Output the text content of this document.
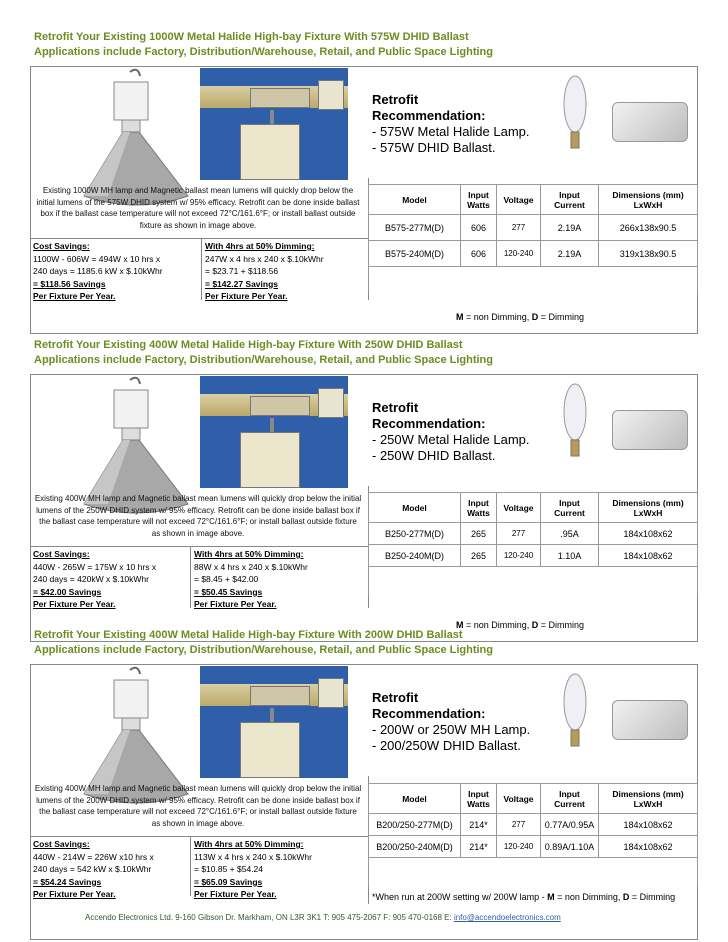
Retrofit Your Existing 1000W Metal Halide High-bay Fixture With 575W DHID Ballast
Applications include Factory, Distribution/Warehouse, Retail, and Public Space Lighting
Retrofit
Recommendation:
- 575W Metal Halide Lamp.
- 575W DHID Ballast.
Existing 1000W MH lamp and Magnetic ballast mean lumens will quickly drop below the initial lumens of the 575W DHID system w/ 95% efficacy. Retrofit can be done inside ballast box if the ballast case temperature will not exceed 72°C/161.6°F; or install ballast outside fixture as shown in image above.
Cost Savings:
1100W - 606W = 494W x 10 hrs x
240 days = 1185.6 kW x $.10kWhr
= $118.56 Savings
Per Fixture Per Year.
With 4hrs at 50% Dimming:
247W x 4 hrs x 240 x $.10kWhr
= $23.71 + $118.56
= $142.27 Savings
Per Fixture Per Year.
Model	Input Watts	Voltage	Input Current	Dimensions (mm) LxWxH
B575-277M(D)	606	277	2.19A	266x138x90.5
B575-240M(D)	606	120-240	2.19A	319x138x90.5

M = non Dimming, D = Dimming
Retrofit Your Existing 400W Metal Halide High-bay Fixture With 250W DHID Ballast
Applications include Factory, Distribution/Warehouse, Retail, and Public Space Lighting
Retrofit
Recommendation:
- 250W Metal Halide Lamp.
- 250W DHID Ballast.
Existing 400W MH lamp and Magnetic ballast mean lumens will quickly drop below the initial lumens of the 250W DHID system w/ 95% efficacy. Retrofit can be done inside ballast box if the ballast case temperature will not exceed 72°C/161.6°F; or install ballast outside fixture as shown in image above.
Cost Savings:
440W - 265W = 175W x 10 hrs x
240 days = 420kW x $.10kWhr
= $42.00 Savings
Per Fixture Per Year.
With 4hrs at 50% Dimming:
88W x 4 hrs x 240 x $.10kWhr
= $8.45 + $42.00
= $50.45 Savings
Per Fixture Per Year.
Model	Input Watts	Voltage	Input Current	Dimensions (mm) LxWxH
B250-277M(D)	265	277	.95A	184x108x62
B250-240M(D)	265	120-240	1.10A	184x108x62

M = non Dimming, D = Dimming
Retrofit Your Existing 400W Metal Halide High-bay Fixture With 200W DHID Ballast
Applications include Factory, Distribution/Warehouse, Retail, and Public Space Lighting
Retrofit
Recommendation:
- 200W or 250W MH Lamp.
- 200/250W DHID Ballast.
Existing 400W MH lamp and Magnetic ballast mean lumens will quickly drop below the initial lumens of the 200W DHID system w/ 95% efficacy. Retrofit can be done inside ballast box if the ballast case temperature will not exceed 72°C/161.6°F; or install ballast outside fixture as shown in image above.
Cost Savings:
440W - 214W = 226W x10 hrs x
240 days = 542 kW x $.10kWhr
= $54.24 Savings
Per Fixture Per Year.
With 4hrs at 50% Dimming:
113W x 4 hrs x 240 x $.10kWhr
= $10.85 + $54.24
= $65.09 Savings
Per Fixture Per Year.
Model	Input Watts	Voltage	Input Current	Dimensions (mm) LxWxH
B200/250-277M(D)	214*	277	0.77A/0.95A	184x108x62
B200/250-240M(D)	214*	120-240	0.89A/1.10A	184x108x62

*When run at 200W setting w/ 200W lamp - M = non Dimming, D = Dimming
Accendo Electronics Ltd. 9-160 Gibson Dr. Markham, ON L3R 3K1 T: 905 475-2067 F: 905 470-0168 E: info@accendoelectronics.com
